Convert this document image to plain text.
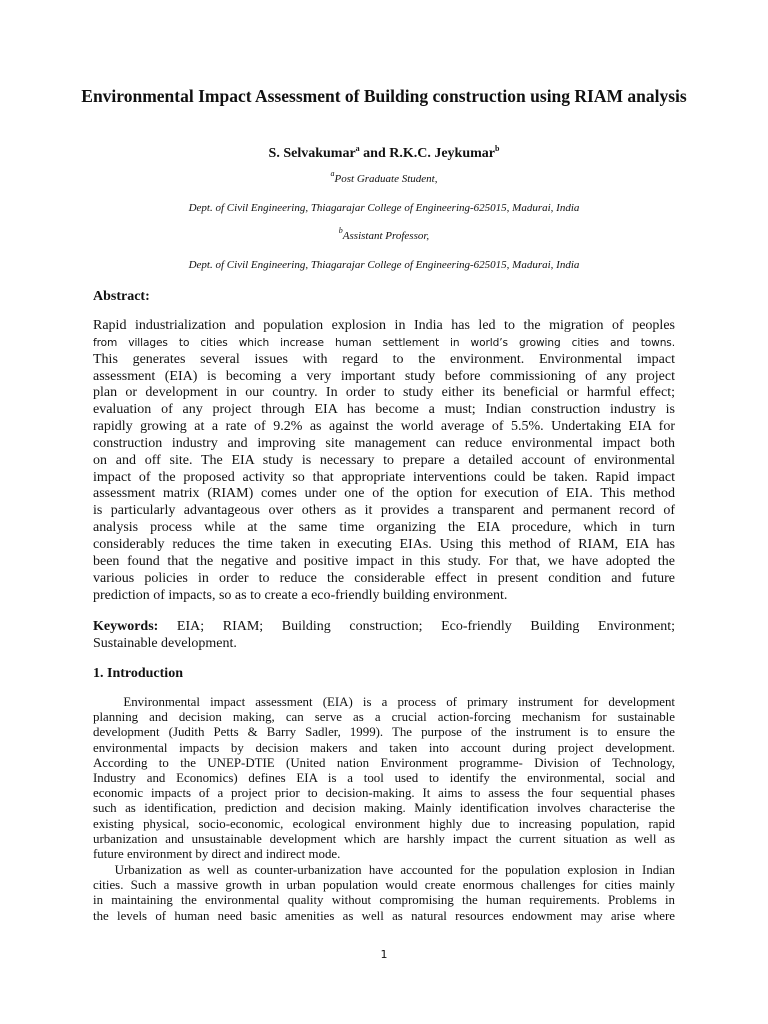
Environmental Impact Assessment of Building construction using RIAM analysis
S. Selvakumar$^a$ and R.K.C. Jeykumar$^b$
$^a$Post Graduate Student,
Dept. of Civil Engineering, Thiagarajar College of Engineering-625015, Madurai, India
$^b$Assistant Professor,
Dept. of Civil Engineering, Thiagarajar College of Engineering-625015, Madurai, India
Abstract:
Rapid industrialization and population explosion in India has led to the migration of peoples
from villages to cities which increase human settlement in world’s growing cities and towns.
This generates several issues with regard to the environment. Environmental impact
assessment (EIA) is becoming a very important study before commissioning of any project
plan or development in our country. In order to study either its beneficial or harmful effect;
evaluation of any project through EIA has become a must; Indian construction industry is
rapidly growing at a rate of 9.2% as against the world average of 5.5%. Undertaking EIA for
construction industry and improving site management can reduce environmental impact both
on and off site. The EIA study is necessary to prepare a detailed account of environmental
impact of the proposed activity so that appropriate interventions could be taken. Rapid impact
assessment matrix (RIAM) comes under one of the option for execution of EIA. This method
is particularly advantageous over others as it provides a transparent and permanent record of
analysis process while at the same time organizing the EIA procedure, which in turn
considerably reduces the time taken in executing EIAs. Using this method of RIAM, EIA has
been found that the negative and positive impact in this study. For that, we have adopted the
various policies in order to reduce the considerable effect in present condition and future
prediction of impacts, so as to create a eco-friendly building environment.
Keywords: EIA; RIAM; Building construction; Eco-friendly Building Environment;
Sustainable development.
1. Introduction
Environmental impact assessment (EIA) is a process of primary instrument for development
planning and decision making, can serve as a crucial action-forcing mechanism for sustainable
development (Judith Petts & Barry Sadler, 1999). The purpose of the instrument is to ensure the
environmental impacts by decision makers and taken into account during project development.
According to the UNEP-DTIE (United nation Environment programme- Division of Technology,
Industry and Economics) defines EIA is a tool used to identify the environmental, social and
economic impacts of a project prior to decision-making. It aims to assess the four sequential phases
such as identification, prediction and decision making. Mainly identification involves characterise the
existing physical, socio-economic, ecological environment highly due to increasing population, rapid
urbanization and unsustainable development which are harshly impact the current situation as well as
future environment by direct and indirect mode.
Urbanization as well as counter-urbanization have accounted for the population explosion in Indian
cities. Such a massive growth in urban population would create enormous challenges for cities mainly
in maintaining the environmental quality without compromising the human requirements. Problems in
the levels of human need basic amenities as well as natural resources endowment may arise where
1
